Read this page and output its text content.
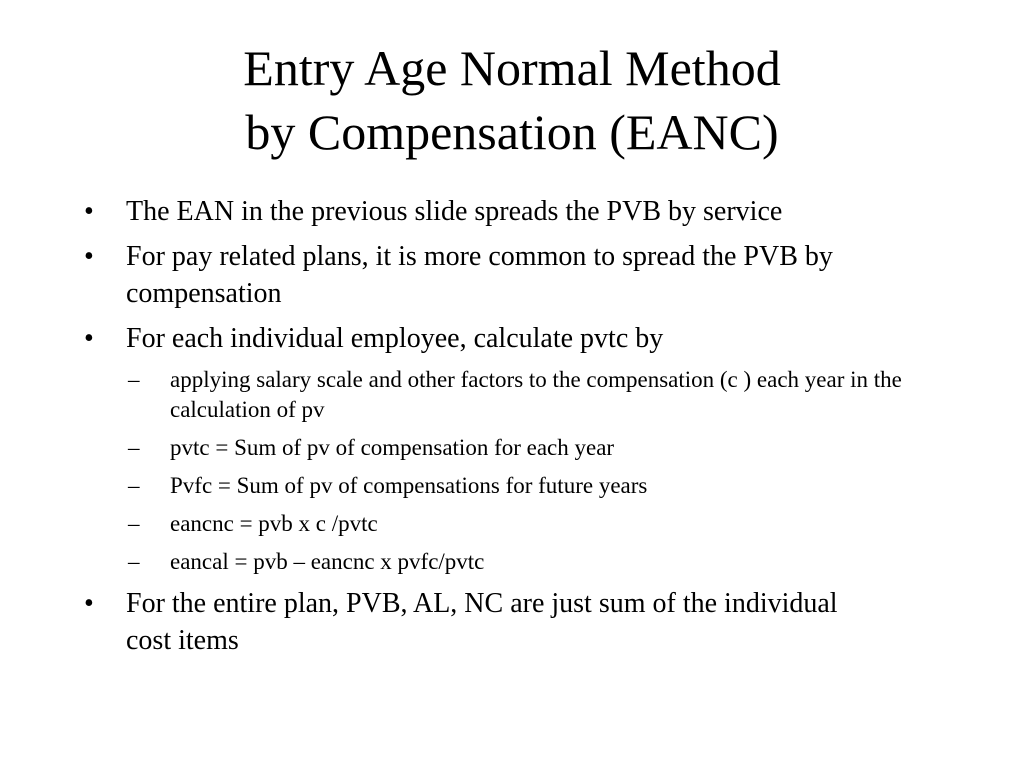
Entry Age Normal Method
by Compensation (EANC)
•	The EAN in the previous slide spreads the PVB by service
•	For pay related plans, it is more common to spread the PVB by compensation
•	For each individual employee, calculate pvtc by
– applying salary scale and other factors to the compensation (c ) each year in the calculation of pv
– pvtc = Sum of pv of compensation for each year
– Pvfc = Sum of pv of compensations for future years
– eancnc = pvb x c /pvtc
– eancal = pvb – eancnc x pvfc/pvtc
•	For the entire plan, PVB, AL, NC are just sum of the individual cost items
